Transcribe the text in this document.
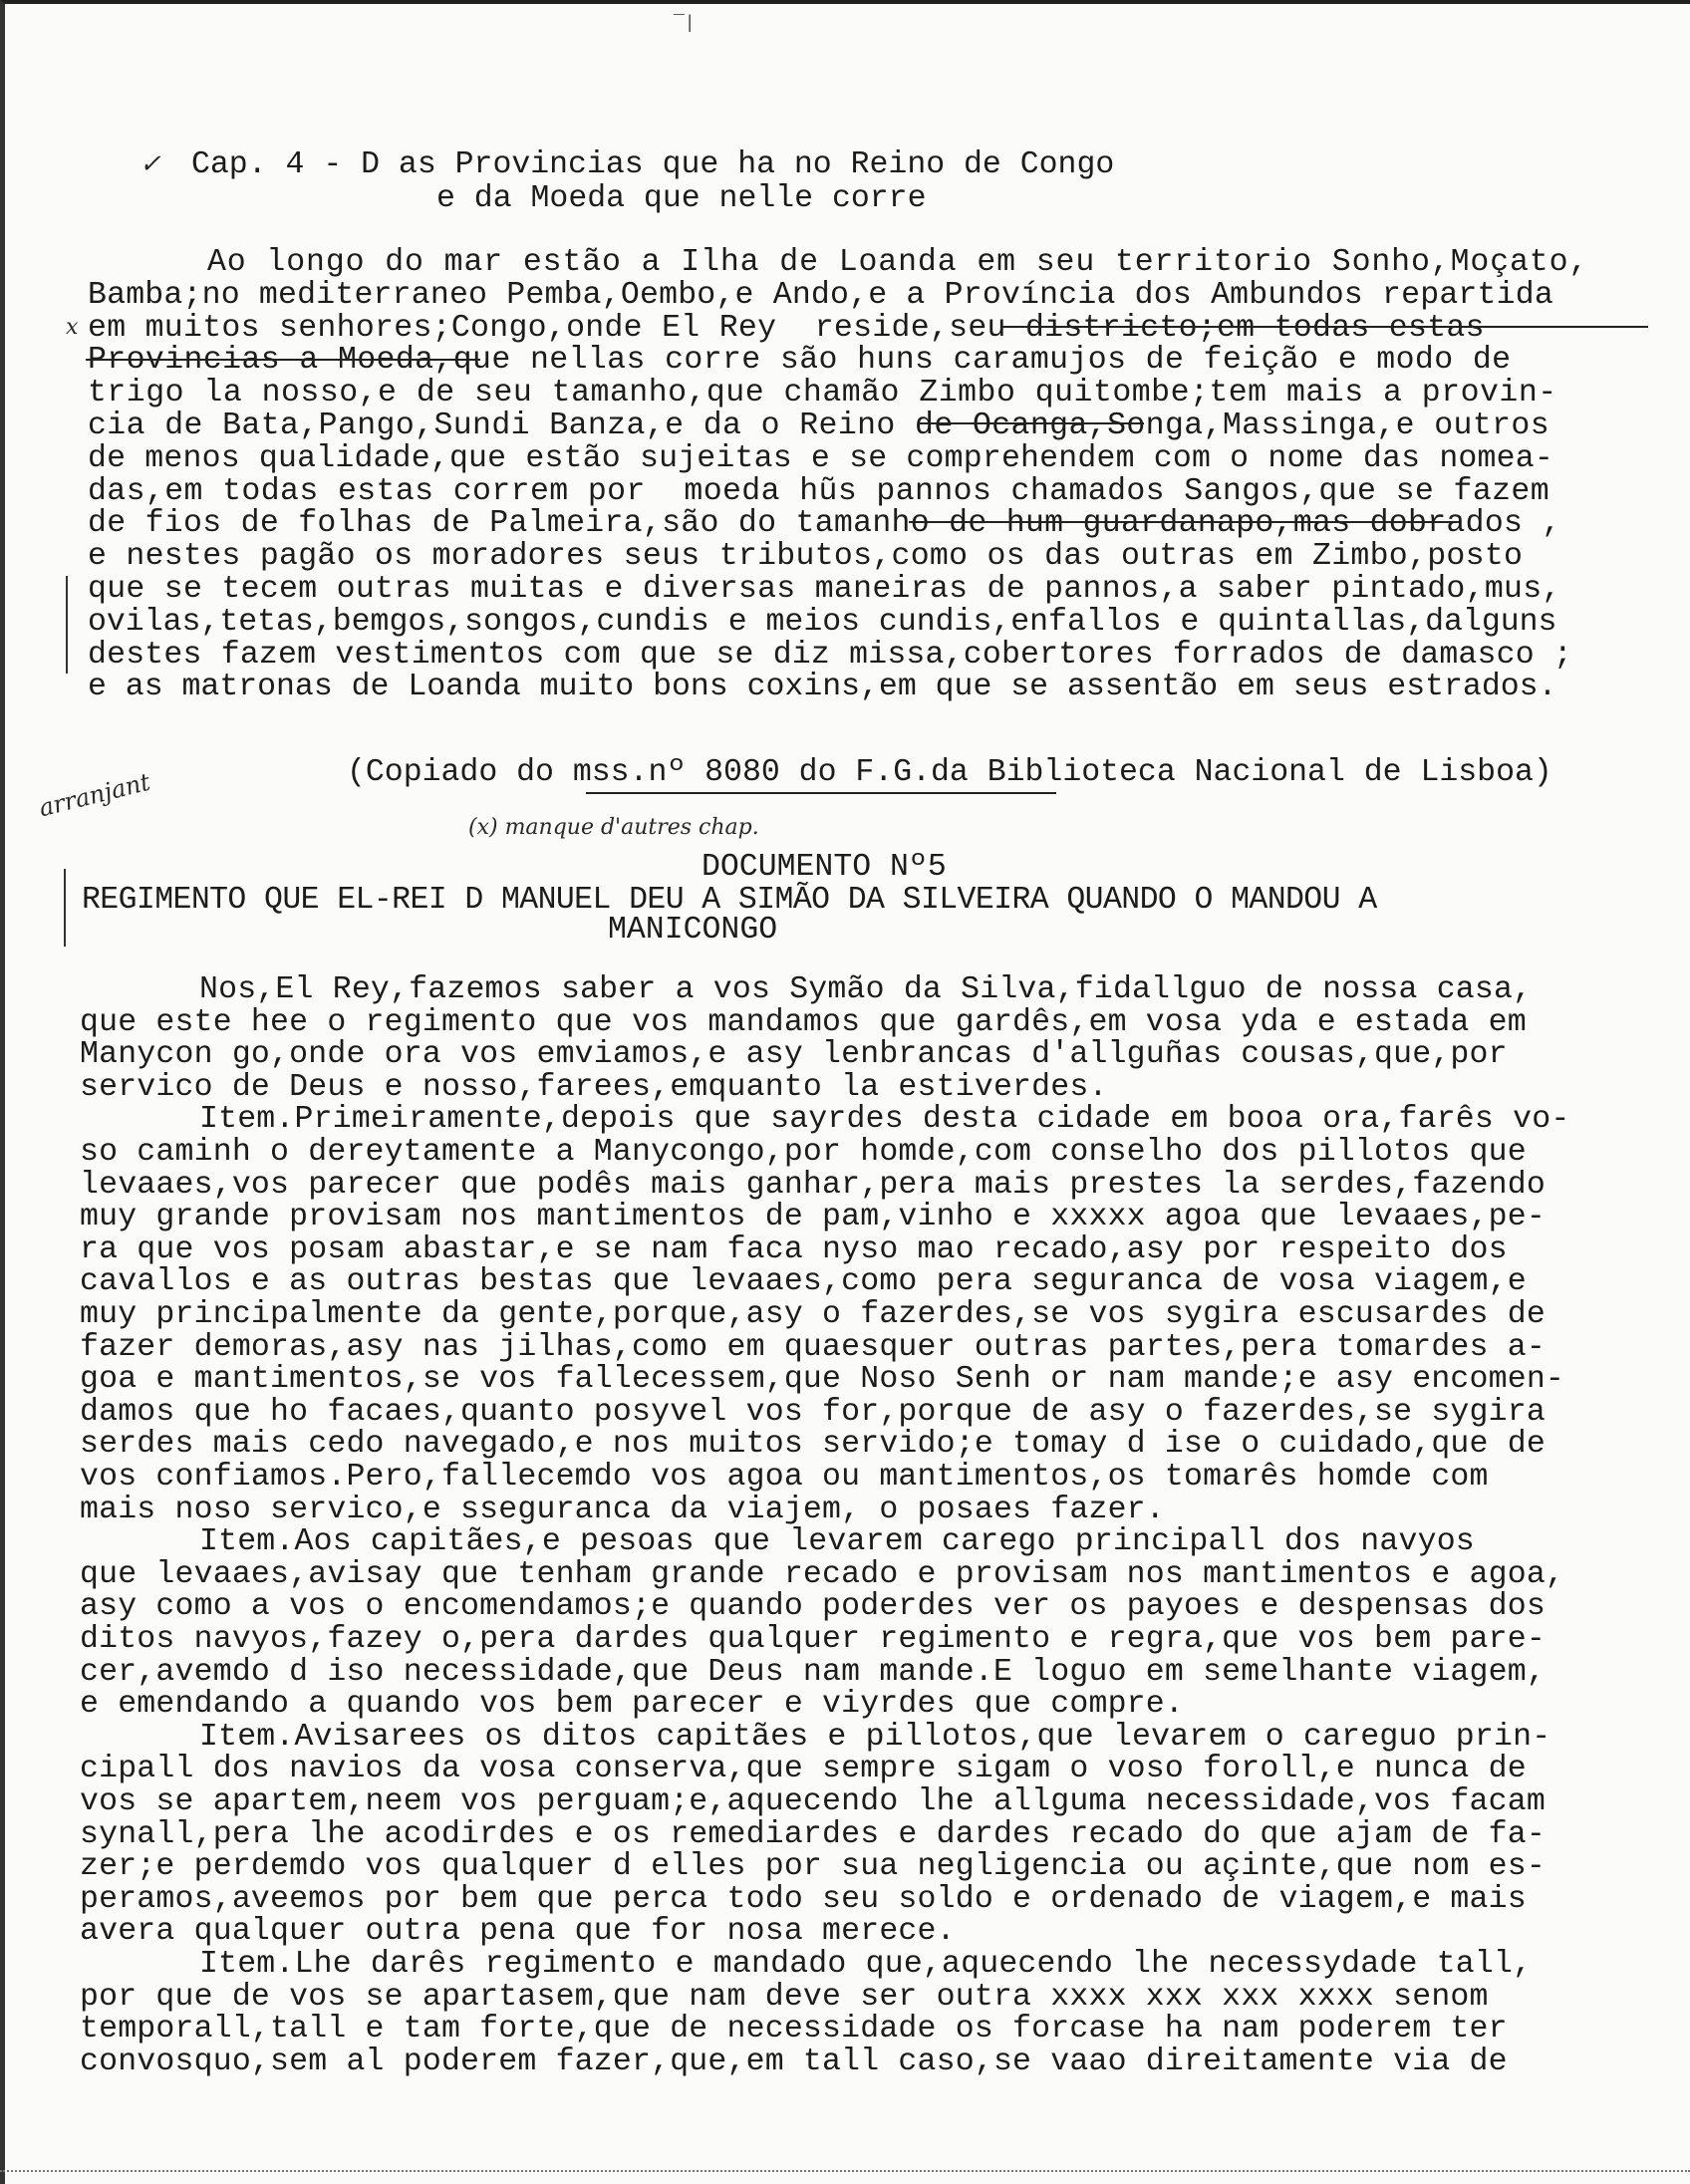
‾|
✓ Cap. 4 - D as Provincias que ha no Reino de Congo
e da Moeda que nelle corre
Ao longo do mar estão a Ilha de Loanda em seu territorio Sonho,Moçato,
Bamba;no mediterraneo Pemba,Oembo,e Ando,e a Província dos Ambundos repartida
em muitos senhores;Congo,onde El Rey  reside,seu districto;em todas estas
Provincias a Moeda,que nellas corre são huns caramujos de feição e modo de
trigo la nosso,e de seu tamanho,que chamão Zimbo quitombe;tem mais a provin-
cia de Bata,Pango,Sundi Banza,e da o Reino de Ocanga,Songa,Massinga,e outros
de menos qualidade,que estão sujeitas e se comprehendem com o nome das nomea-
das,em todas estas correm por  moeda hũs pannos chamados Sangos,que se fazem
de fios de folhas de Palmeira,são do tamanho de hum guardanapo,mas dobrados ,
e nestes pagão os moradores seus tributos,como os das outras em Zimbo,posto
que se tecem outras muitas e diversas maneiras de pannos,a saber pintado,mus,
ovilas,tetas,bemgos,songos,cundis e meios cundis,enfallos e quintallas,dalguns
destes fazem vestimentos com que se diz missa,cobertores forrados de damasco ;
e as matronas de Loanda muito bons coxins,em que se assentão em seus estrados.
x
(Copiado do mss.nº 8080 do F.G.da Biblioteca Nacional de Lisboa)
arranjant
(x) manque d'autres chap.
DOCUMENTO Nº5
REGIMENTO QUE EL-REI D MANUEL DEU A SIMÃO DA SILVEIRA QUANDO O MANDOU A
MANICONGO
Nos,El Rey,fazemos saber a vos Symão da Silva,fidallguo de nossa casa,
que este hee o regimento que vos mandamos que gardês,em vosa yda e estada em
Manycon go,onde ora vos emviamos,e asy lenbrancas d'allguñas cousas,que,por
servico de Deus e nosso,farees,emquanto la estiverdes.
Item.Primeiramente,depois que sayrdes desta cidade em booa ora,farês vo-
so caminh o dereytamente a Manycongo,por homde,com conselho dos pillotos que
levaaes,vos parecer que podês mais ganhar,pera mais prestes la serdes,fazendo
muy grande provisam nos mantimentos de pam,vinho e xxxxx agoa que levaaes,pe-
ra que vos posam abastar,e se nam faca nyso mao recado,asy por respeito dos
cavallos e as outras bestas que levaaes,como pera seguranca de vosa viagem,e
muy principalmente da gente,porque,asy o fazerdes,se vos sygira escusardes de
fazer demoras,asy nas jilhas,como em quaesquer outras partes,pera tomardes a-
goa e mantimentos,se vos fallecessem,que Noso Senh or nam mande;e asy encomen-
damos que ho facaes,quanto posyvel vos for,porque de asy o fazerdes,se sygira
serdes mais cedo navegado,e nos muitos servido;e tomay d ise o cuidado,que de
vos confiamos.Pero,fallecemdo vos agoa ou mantimentos,os tomarês homde com
mais noso servico,e sseguranca da viajem, o posaes fazer.
Item.Aos capitães,e pesoas que levarem carego principall dos navyos
que levaaes,avisay que tenham grande recado e provisam nos mantimentos e agoa,
asy como a vos o encomendamos;e quando poderdes ver os payoes e despensas dos
ditos navyos,fazey o,pera dardes qualquer regimento e regra,que vos bem pare-
cer,avemdo d iso necessidade,que Deus nam mande.E loguo em semelhante viagem,
e emendando a quando vos bem parecer e viyrdes que compre.
Item.Avisarees os ditos capitães e pillotos,que levarem o careguo prin-
cipall dos navios da vosa conserva,que sempre sigam o voso foroll,e nunca de
vos se apartem,neem vos perguam;e,aquecendo lhe allguma necessidade,vos facam
synall,pera lhe acodirdes e os remediardes e dardes recado do que ajam de fa-
zer;e perdemdo vos qualquer d elles por sua negligencia ou açinte,que nom es-
peramos,aveemos por bem que perca todo seu soldo e ordenado de viagem,e mais
avera qualquer outra pena que for nosa merece.
Item.Lhe darês regimento e mandado que,aquecendo lhe necessydade tall,
por que de vos se apartasem,que nam deve ser outra xxxx xxx xxx xxxx senom
temporall,tall e tam forte,que de necessidade os forcase ha nam poderem ter
convosquo,sem al poderem fazer,que,em tall caso,se vaao direitamente via de
